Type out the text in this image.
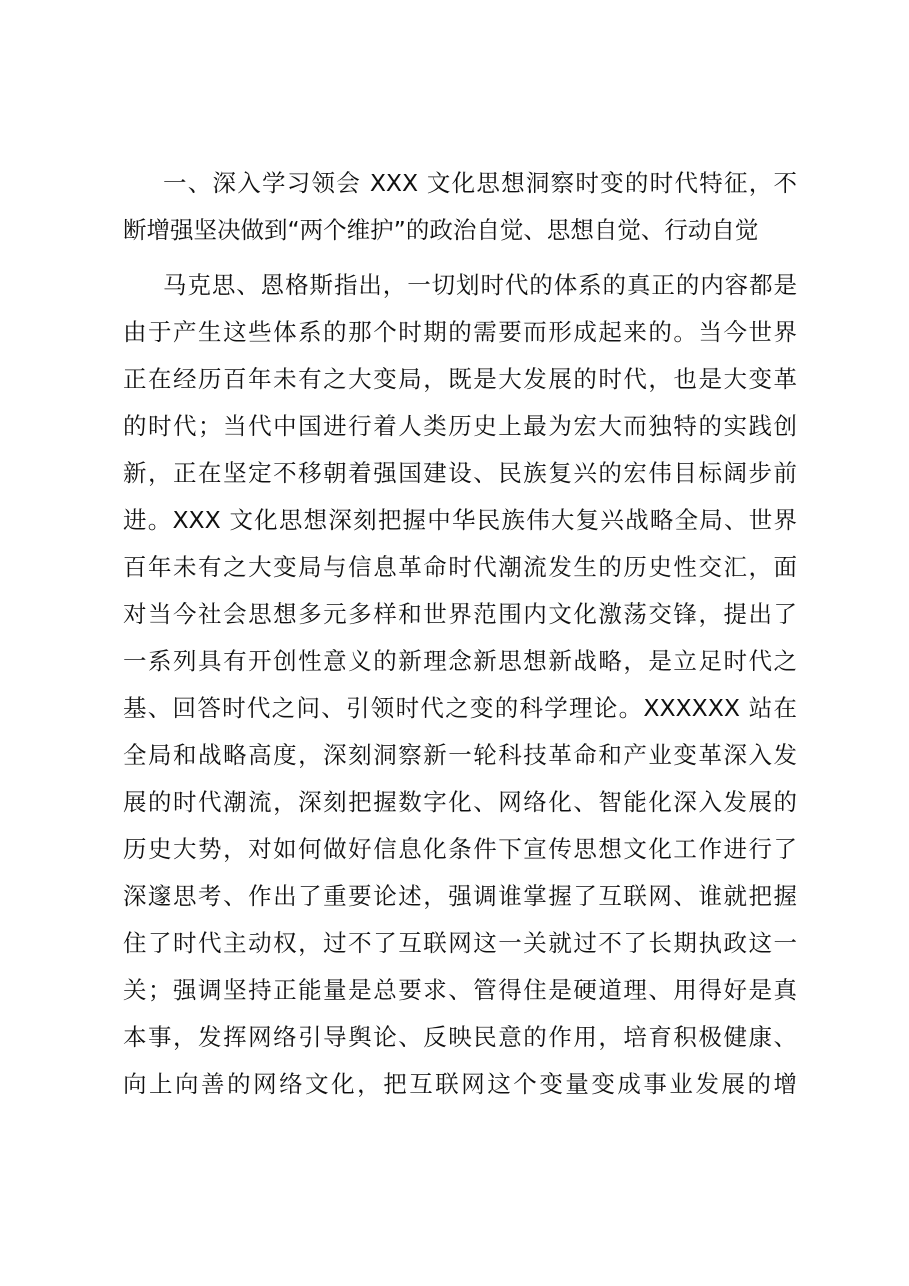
一、深入学习领会 XXX 文化思想洞察时变的时代特征，不
断增强坚决做到“两个维护”的政治自觉、思想自觉、行动自觉
马克思、恩格斯指出，一切划时代的体系的真正的内容都是
由于产生这些体系的那个时期的需要而形成起来的。当今世界
正在经历百年未有之大变局，既是大发展的时代，也是大变革
的时代；当代中国进行着人类历史上最为宏大而独特的实践创
新，正在坚定不移朝着强国建设、民族复兴的宏伟目标阔步前
进。XXX 文化思想深刻把握中华民族伟大复兴战略全局、世界
百年未有之大变局与信息革命时代潮流发生的历史性交汇，面
对当今社会思想多元多样和世界范围内文化激荡交锋，提出了
一系列具有开创性意义的新理念新思想新战略，是立足时代之
基、回答时代之问、引领时代之变的科学理论。XXXXXX 站在
全局和战略高度，深刻洞察新一轮科技革命和产业变革深入发
展的时代潮流，深刻把握数字化、网络化、智能化深入发展的
历史大势，对如何做好信息化条件下宣传思想文化工作进行了
深邃思考、作出了重要论述，强调谁掌握了互联网、谁就把握
住了时代主动权，过不了互联网这一关就过不了长期执政这一
关；强调坚持正能量是总要求、管得住是硬道理、用得好是真
本事，发挥网络引导舆论、反映民意的作用，培育积极健康、
向上向善的网络文化，把互联网这个变量变成事业发展的增
